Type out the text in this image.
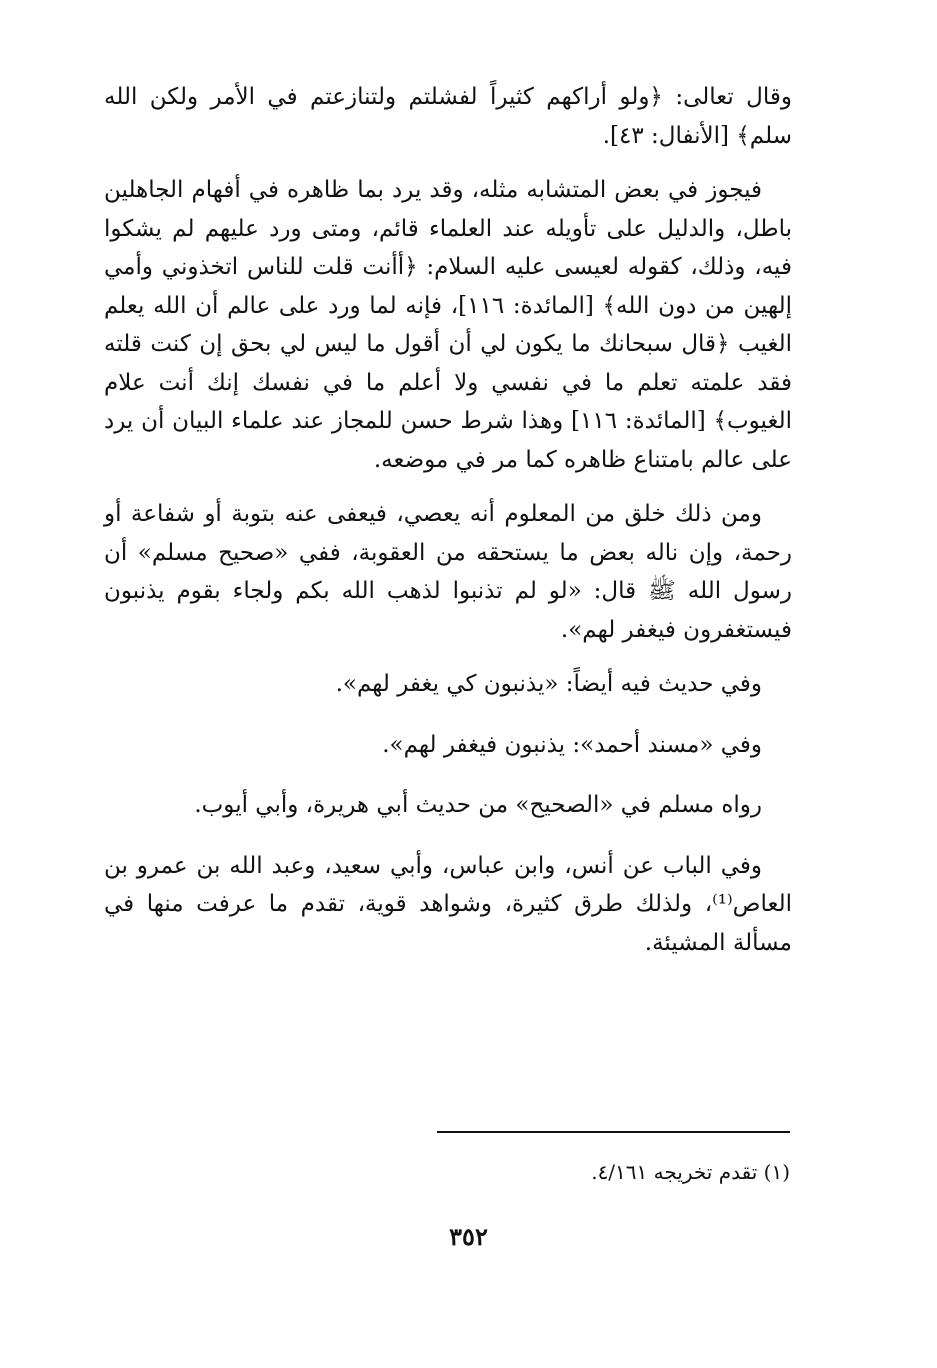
وقال تعالى: ﴿ولو أراكهم كثيراً لفشلتم ولتنازعتم في الأمر ولكن الله سلم﴾ [الأنفال: ٤٣].

فيجوز في بعض المتشابه مثله، وقد يرد بما ظاهره في أفهام الجاهلين باطل، والدليل على تأويله عند العلماء قائم، ومتى ورد عليهم لم يشكوا فيه، وذلك، كقوله لعيسى عليه السلام: ﴿أأنت قلت للناس اتخذوني وأمي إلهين من دون الله﴾ [المائدة: ١١٦]، فإنه لما ورد على عالم أن الله يعلم الغيب ﴿قال سبحانك ما يكون لي أن أقول ما ليس لي بحق إن كنت قلته فقد علمته تعلم ما في نفسي ولا أعلم ما في نفسك إنك أنت علام الغيوب﴾ [المائدة: ١١٦] وهذا شرط حسن للمجاز عند علماء البيان أن يرد على عالم بامتناع ظاهره كما مر في موضعه.

ومن ذلك خلق من المعلوم أنه يعصي، فيعفى عنه بتوبة أو شفاعة أو رحمة، وإن ناله بعض ما يستحقه من العقوبة، ففي «صحيح مسلم» أن رسول الله ﷺ قال: «لو لم تذنبوا لذهب الله بكم ولجاء بقوم يذنبون فيستغفرون فيغفر لهم».

وفي حديث فيه أيضاً: «يذنبون كي يغفر لهم».

وفي «مسند أحمد»: يذنبون فيغفر لهم».

رواه مسلم في «الصحيح» من حديث أبي هريرة، وأبي أيوب.

وفي الباب عن أنس، وابن عباس، وأبي سعيد، وعبد الله بن عمرو بن العاص⁽¹⁾، ولذلك طرق كثيرة، وشواهد قوية، تقدم ما عرفت منها في مسألة المشيئة.

(١) تقدم تخريجه ٤/١٦١.
٣٥٢
